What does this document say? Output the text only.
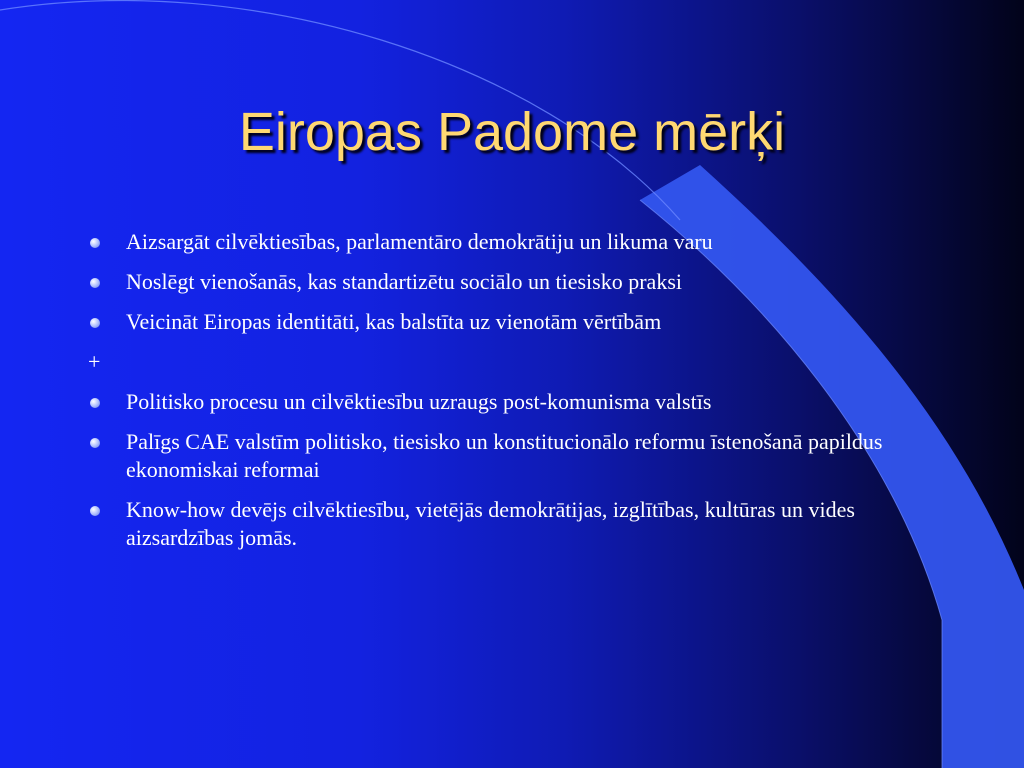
Eiropas Padome mērķi
Aizsargāt cilvēktiesības, parlamentāro demokrātiju un likuma varu
Noslēgt vienošanās, kas standartizētu sociālo un tiesisko praksi
Veicināt Eiropas identitāti, kas balstīta uz vienotām vērtībām
+
Politisko procesu un cilvēktiesību uzraugs post-komunisma valstīs
Palīgs CAE valstīm politisko, tiesisko un konstitucionālo reformu īstenošanā papildus ekonomiskai reformai
Know-how devējs cilvēktiesību, vietējās demokrātijas, izglītības, kultūras un vides aizsardzības jomās.
